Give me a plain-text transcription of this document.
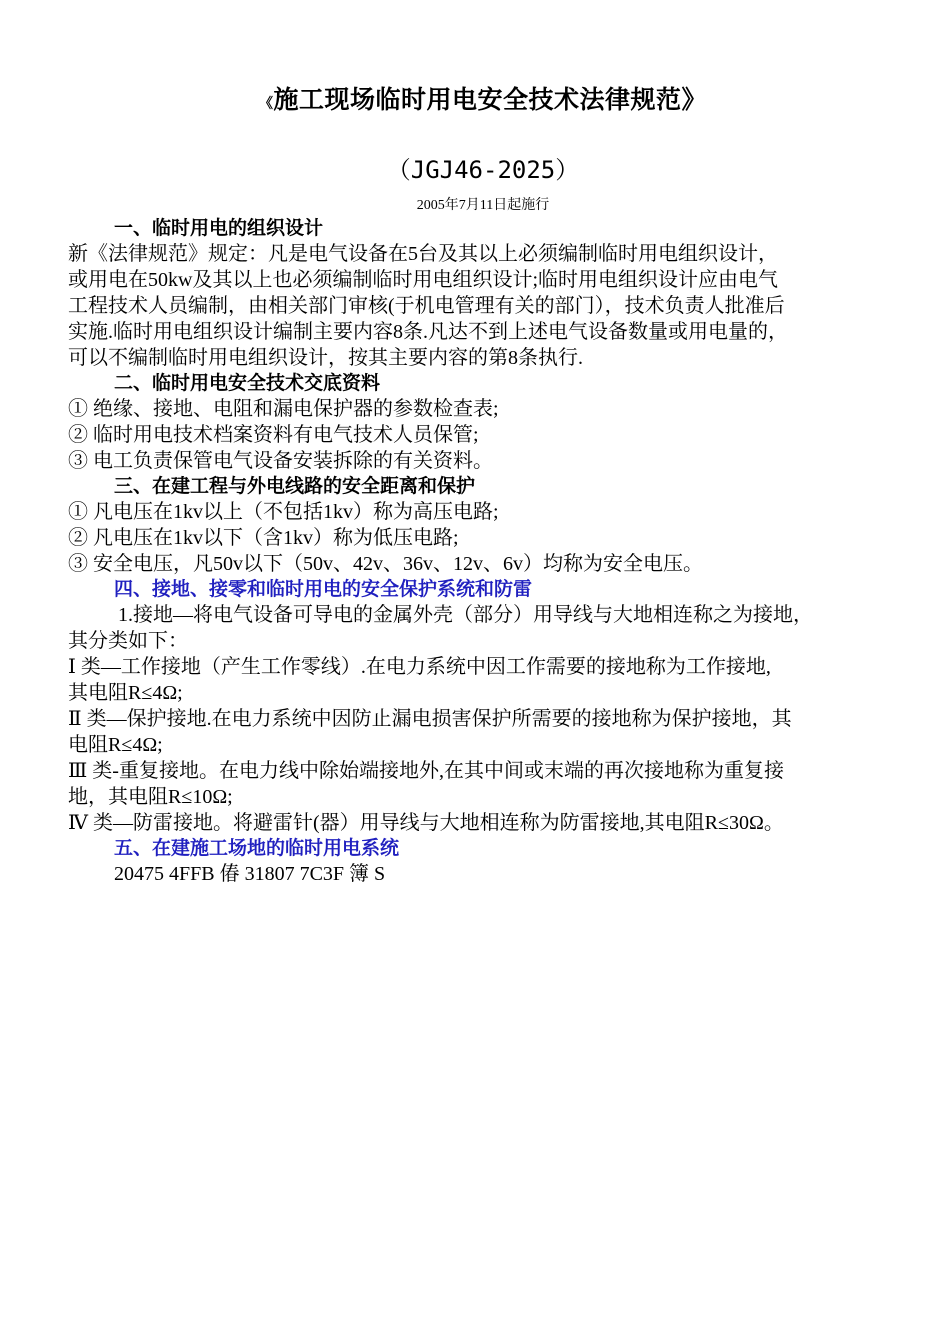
《施工现场临时用电安全技术法律规范》
（JGJ46-2025）
2005年7月11日起施行
一、临时用电的组织设计

新《法律规范》规定：凡是电气设备在5台及其以上必须编制临时用电组织设计，

或用电在50kw及其以上也必须编制临时用电组织设计;临时用电组织设计应由电气

工程技术人员编制，由相关部门审核(于机电管理有关的部门），技术负责人批准后

实施.临时用电组织设计编制主要内容8条.凡达不到上述电气设备数量或用电量的，

可以不编制临时用电组织设计，按其主要内容的第8条执行.

二、临时用电安全技术交底资料

① 绝缘、接地、电阻和漏电保护器的参数检查表;

② 临时用电技术档案资料有电气技术人员保管;

③ 电工负责保管电气设备安装拆除的有关资料。

三、在建工程与外电线路的安全距离和保护

① 凡电压在1kv以上（不包括1kv）称为高压电路;

② 凡电压在1kv以下（含1kv）称为低压电路;

③ 安全电压，凡50v以下（50v、42v、36v、12v、6v）均称为安全电压。

四、接地、接零和临时用电的安全保护系统和防雷

1.接地—将电气设备可导电的金属外壳（部分）用导线与大地相连称之为接地，

其分类如下：

Ⅰ 类—工作接地（产生工作零线）.在电力系统中因工作需要的接地称为工作接地,

其电阻R≤4Ω;

Ⅱ 类—保护接地.在电力系统中因防止漏电损害保护所需要的接地称为保护接地，其

电阻R≤4Ω;

Ⅲ 类-重复接地。在电力线中除始端接地外,在其中间或末端的再次接地称为重复接

地，其电阻R≤10Ω;

Ⅳ 类—防雷接地。将避雷针(器）用导线与大地相连称为防雷接地,其电阻R≤30Ω。

五、在建施工场地的临时用电系统

20475 4FFB 偆 31807 7C3F 簿 S
